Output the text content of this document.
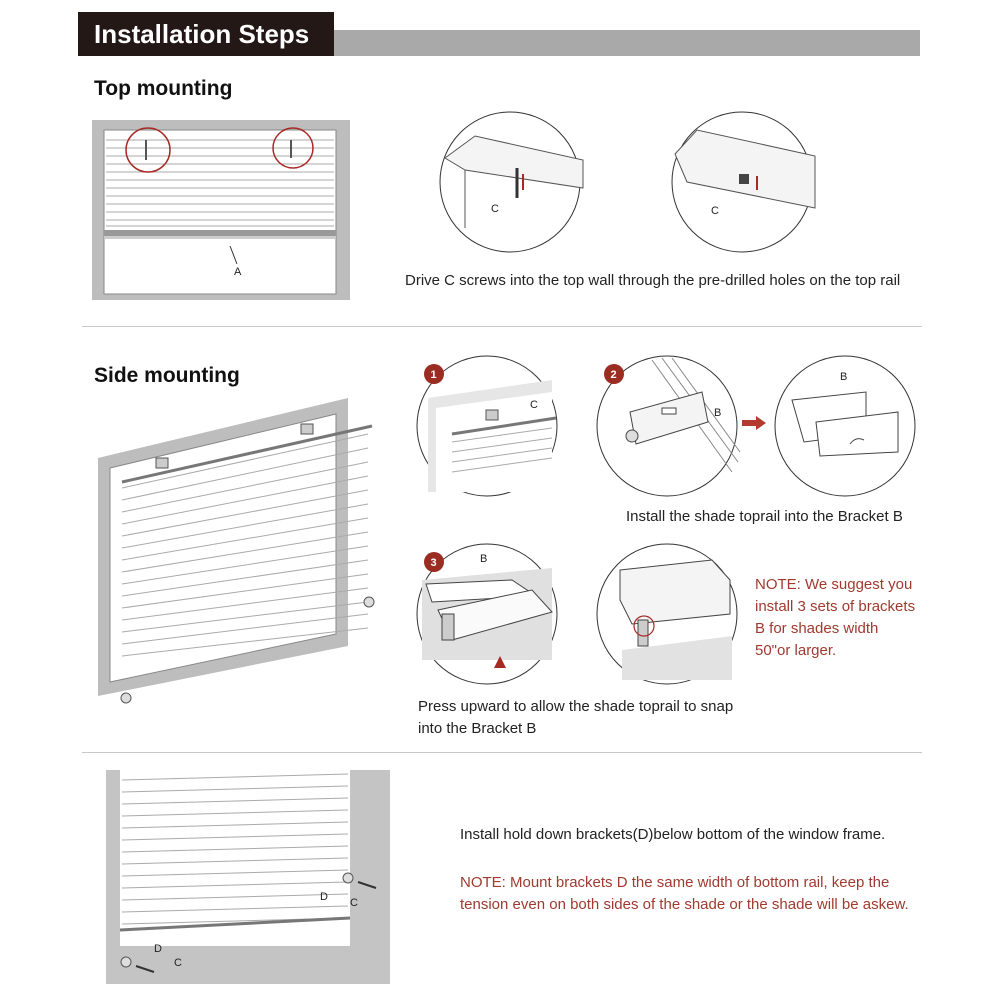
Installation Steps
Top mounting
A
C	C
Drive C screws into the top wall through the pre-drilled holes on the top rail
Side mounting
C
1
B
2	B
Install the shade toprail into the Bracket B
B
3
NOTE: We suggest you
install 3 sets of brackets
B for shades width
50"or larger.
Press upward to allow the shade toprail to snap
into the Bracket B
D C
D
C
Install hold down brackets(D)below bottom of the window frame.
NOTE: Mount brackets D the same width of bottom rail, keep the
tension even on both sides of the shade or the shade will be askew.
